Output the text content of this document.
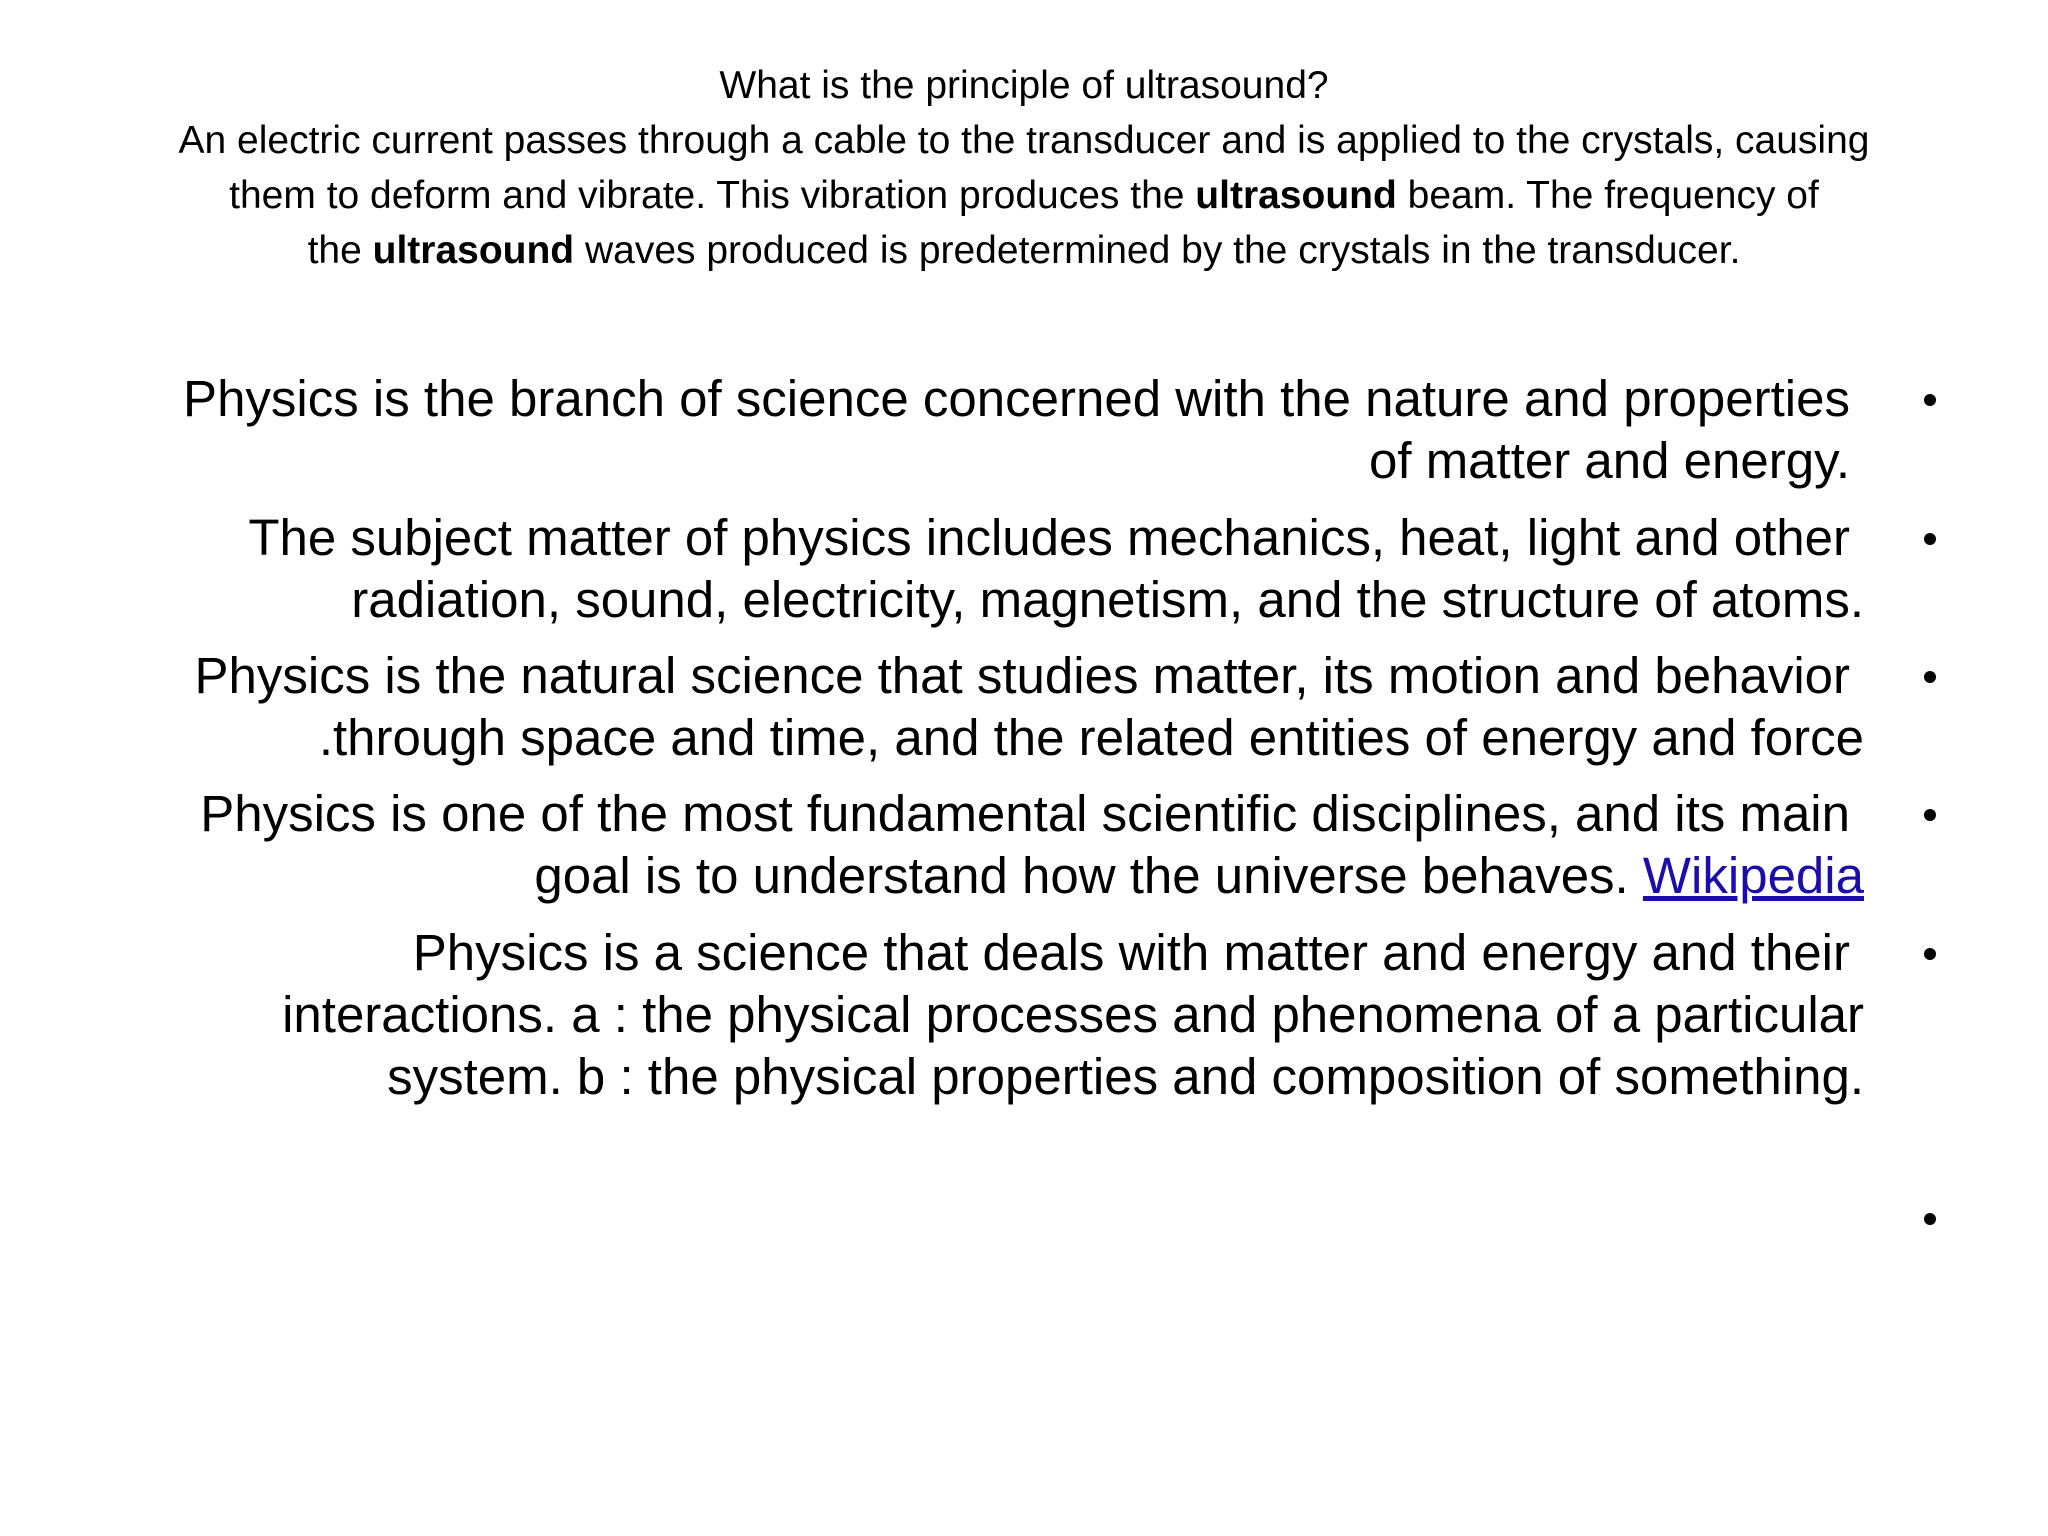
What is the principle of ultrasound?
An electric current passes through a cable to the transducer and is applied to the crystals, causing
them to deform and vibrate. This vibration produces the ultrasound beam. The frequency of
the ultrasound waves produced is predetermined by the crystals in the transducer.
Physics is the branch of science concerned with the nature and properties
of matter and energy.
The subject matter of physics includes mechanics, heat, light and other
radiation, sound, electricity, magnetism, and the structure of atoms.
Physics is the natural science that studies matter, its motion and behavior
.through space and time, and the related entities of energy and force
Physics is one of the most fundamental scientific disciplines, and its main
goal is to understand how the universe behaves. Wikipedia
Physics is a science that deals with matter and energy and their
interactions. a : the physical processes and phenomena of a particular
system. b : the physical properties and composition of something.
